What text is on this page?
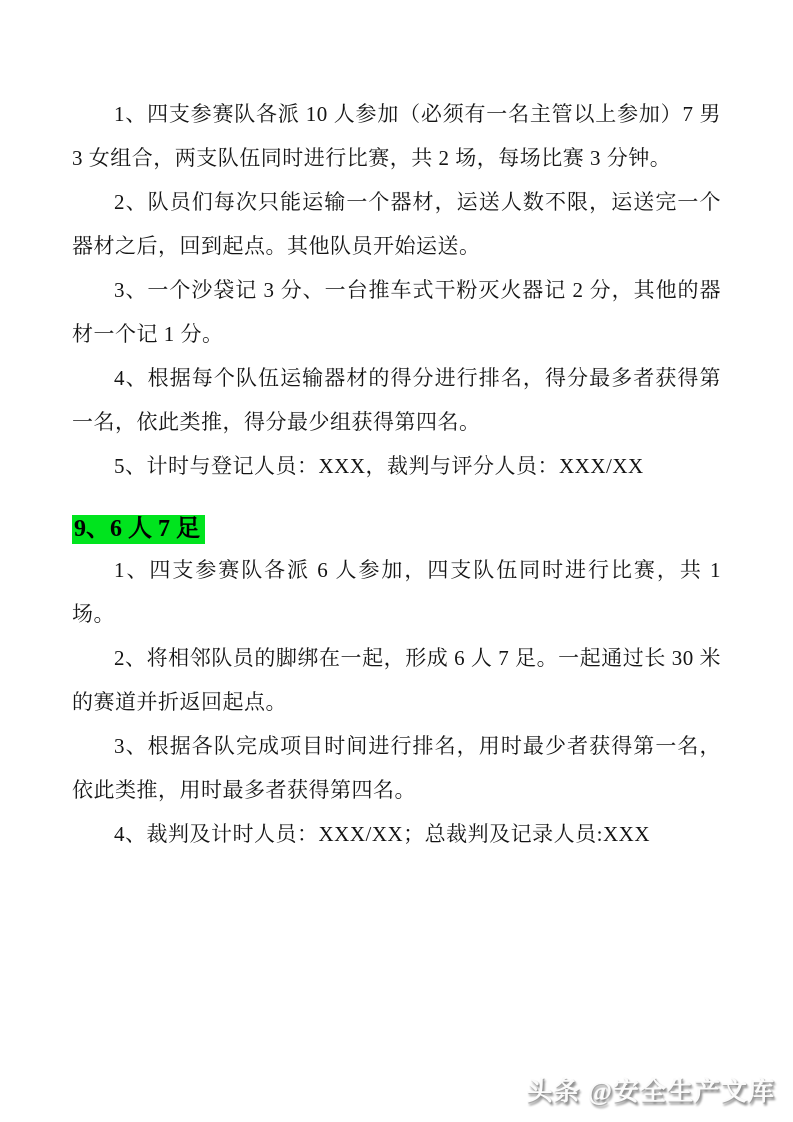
1、四支参赛队各派 10 人参加（必须有一名主管以上参加）7 男 3 女组合，两支队伍同时进行比赛，共 2 场，每场比赛 3 分钟。

2、队员们每次只能运输一个器材，运送人数不限，运送完一个器材之后，回到起点。其他队员开始运送。

3、一个沙袋记 3 分、一台推车式干粉灭火器记 2 分，其他的器材一个记 1 分。

4、根据每个队伍运输器材的得分进行排名，得分最多者获得第一名，依此类推，得分最少组获得第四名。

5、计时与登记人员：XXX，裁判与评分人员：XXX/XX

9、6 人 7 足

1、四支参赛队各派 6 人参加，四支队伍同时进行比赛，共 1 场。

2、将相邻队员的脚绑在一起，形成 6 人 7 足。一起通过长 30 米的赛道并折返回起点。

3、根据各队完成项目时间进行排名，用时最少者获得第一名，依此类推，用时最多者获得第四名。

4、裁判及计时人员：XXX/XX；总裁判及记录人员:XXX

头条 @安全生产文库
